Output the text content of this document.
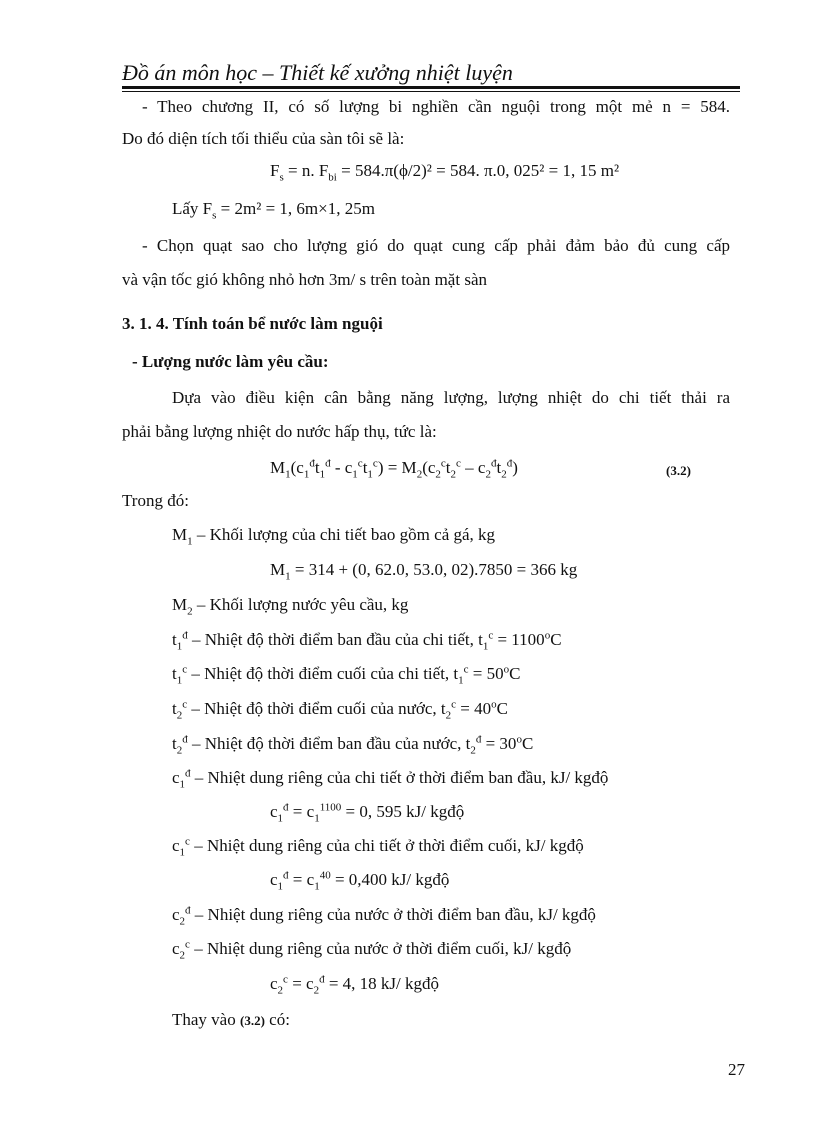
Đồ án môn học – Thiết kế xưởng nhiệt luyện
- Theo chương II, có số lượng bi nghiền cần nguội trong một mẻ n = 584.
Do đó diện tích tối thiểu của sàn tôi sẽ là:
$F_s = n$. $F_{bi} = 584.\pi(\phi/2)^2 = 584$. π.0, 025² = 1, 15 m²
Lấy $F_s = 2m^2 = 1$, 6m×1, 25m
- Chọn quạt sao cho lượng gió do quạt cung cấp phải đảm bảo đủ cung cấp
và vận tốc gió không nhỏ hơn 3m/ s trên toàn mặt sàn
3. 1. 4. Tính toán bể nước làm nguội
- Lượng nước làm yêu cầu:
Dựa vào điều kiện cân bằng năng lượng, lượng nhiệt do chi tiết thải ra
phải bằng lượng nhiệt do nước hấp thụ, tức là:
$M_1(c_1^đt_1^đ - c_1^ct_1^c) = M_2(c_2^ct_2^c - c_2^đt_2^đ)$	(3.2)
Trong đó:
$M_1$ – Khối lượng của chi tiết bao gồm cả gá, kg
$M_1 = 314 + (0$, 62.0, 53.0, 02).7850 = 366 kg
$M_2$ – Khối lượng nước yêu cầu, kg
$t_1^đ$ – Nhiệt độ thời điểm ban đầu của chi tiết, $t_1^c = 1100^oC$
$t_1^c$ – Nhiệt độ thời điểm cuối của chi tiết, $t_1^c = 50^oC$
$t_2^c$ – Nhiệt độ thời điểm cuối của nước, $t_2^c = 40^oC$
$t_2^đ$ – Nhiệt độ thời điểm ban đầu của nước, $t_2^đ = 30^oC$
$c_1^đ$ – Nhiệt dung riêng của chi tiết ở thời điểm ban đầu, kJ/ kgđộ
$c_1^đ = c_1^{1100} = 0$, 595 kJ/ kgđộ
$c_1^c$ – Nhiệt dung riêng của chi tiết ở thời điểm cuối, kJ/ kgđộ
$c_1^đ = c_1^{40} = 0,400$ kJ/ kgđộ
$c_2^đ$ – Nhiệt dung riêng của nước ở thời điểm ban đầu, kJ/ kgđộ
$c_2^c$ – Nhiệt dung riêng của nước ở thời điểm cuối, kJ/ kgđộ
$c_2^c = c_2^đ = 4$, 18 kJ/ kgđộ
Thay vào (3.2) có:
27
